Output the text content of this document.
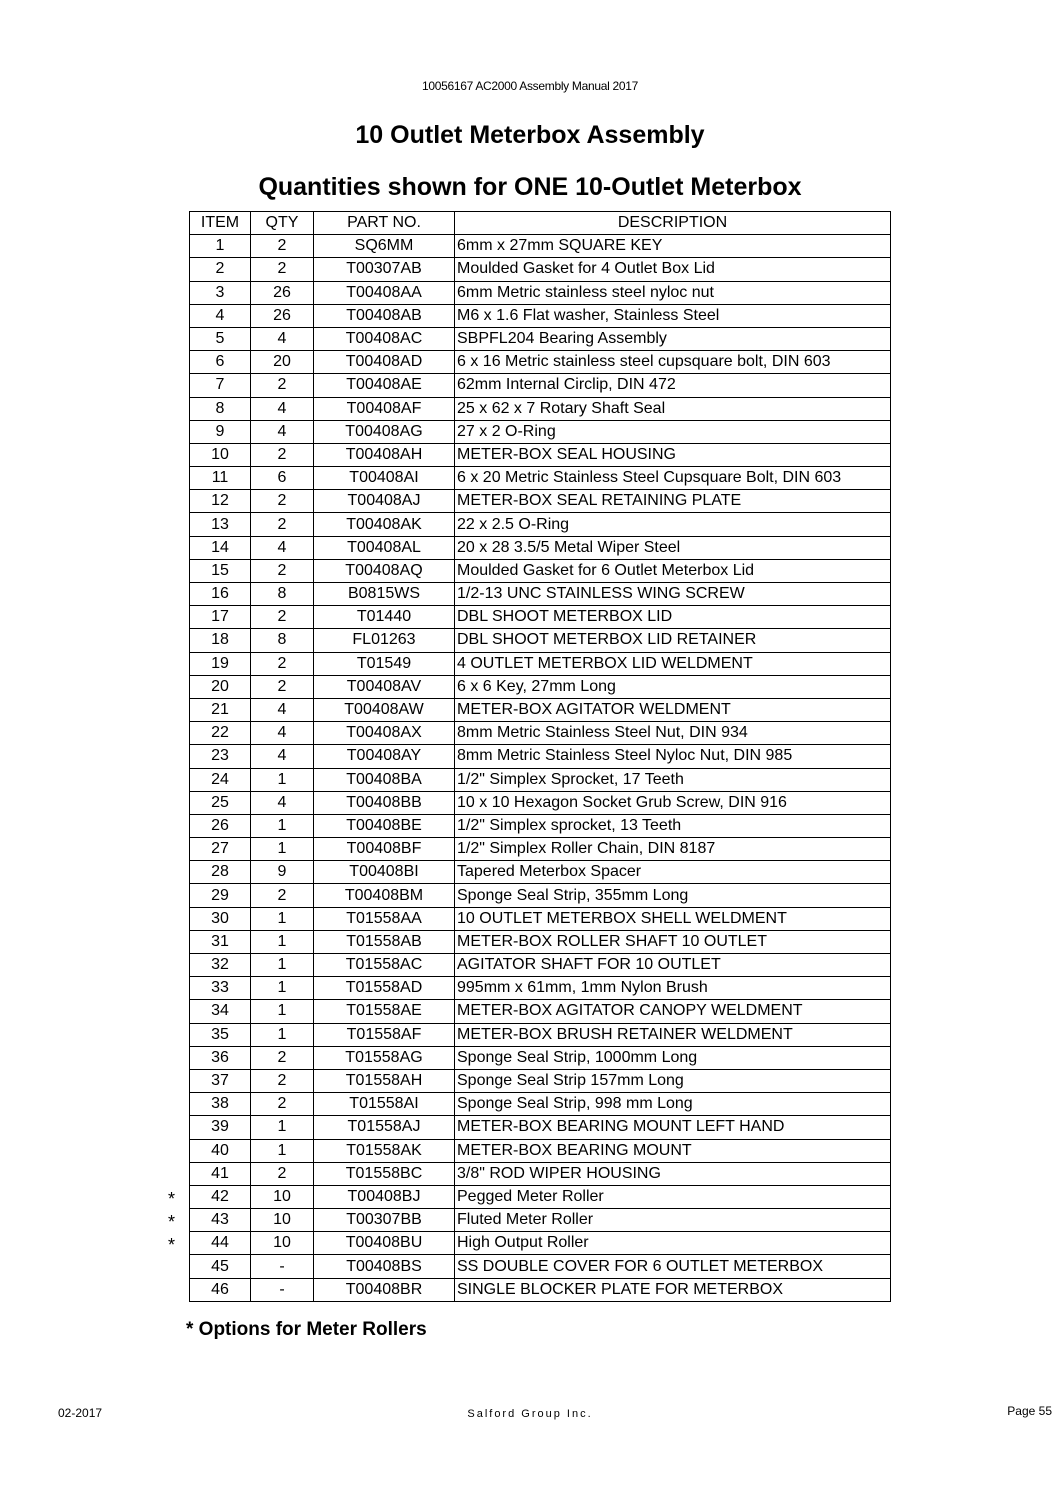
10056167 AC2000 Assembly Manual 2017
10 Outlet Meterbox Assembly
Quantities shown for ONE 10-Outlet Meterbox
ITEM	QTY	PART NO.	DESCRIPTION
1	2	SQ6MM	6mm x 27mm SQUARE KEY
2	2	T00307AB	Moulded Gasket for 4 Outlet Box Lid
3	26	T00408AA	6mm Metric stainless steel nyloc nut
4	26	T00408AB	M6 x 1.6 Flat washer, Stainless Steel
5	4	T00408AC	SBPFL204 Bearing Assembly
6	20	T00408AD	6 x 16 Metric stainless steel cupsquare bolt, DIN 603
7	2	T00408AE	62mm Internal Circlip, DIN 472
8	4	T00408AF	25 x 62 x 7 Rotary Shaft Seal
9	4	T00408AG	27 x 2 O-Ring
10	2	T00408AH	METER-BOX SEAL HOUSING
11	6	T00408AI	6 x 20 Metric Stainless Steel Cupsquare Bolt, DIN 603
12	2	T00408AJ	METER-BOX SEAL RETAINING PLATE
13	2	T00408AK	22 x 2.5 O-Ring
14	4	T00408AL	20 x 28 3.5/5 Metal Wiper Steel
15	2	T00408AQ	Moulded Gasket for 6 Outlet Meterbox Lid
16	8	B0815WS	1/2-13 UNC STAINLESS WING SCREW
17	2	T01440	DBL SHOOT METERBOX LID
18	8	FL01263	DBL SHOOT METERBOX LID RETAINER
19	2	T01549	4 OUTLET METERBOX LID WELDMENT
20	2	T00408AV	6 x 6 Key, 27mm Long
21	4	T00408AW	METER-BOX AGITATOR WELDMENT
22	4	T00408AX	8mm Metric Stainless Steel Nut, DIN 934
23	4	T00408AY	8mm Metric Stainless Steel Nyloc Nut, DIN 985
24	1	T00408BA	1/2" Simplex Sprocket, 17 Teeth
25	4	T00408BB	10 x 10 Hexagon Socket Grub Screw, DIN 916
26	1	T00408BE	1/2" Simplex sprocket, 13 Teeth
27	1	T00408BF	1/2" Simplex Roller Chain, DIN 8187
28	9	T00408BI	Tapered Meterbox Spacer
29	2	T00408BM	Sponge Seal Strip, 355mm Long
30	1	T01558AA	10 OUTLET METERBOX SHELL WELDMENT
31	1	T01558AB	METER-BOX ROLLER SHAFT 10 OUTLET
32	1	T01558AC	AGITATOR SHAFT FOR 10 OUTLET
33	1	T01558AD	995mm x 61mm, 1mm Nylon Brush
34	1	T01558AE	METER-BOX AGITATOR CANOPY WELDMENT
35	1	T01558AF	METER-BOX BRUSH RETAINER WELDMENT
36	2	T01558AG	Sponge Seal Strip, 1000mm Long
37	2	T01558AH	Sponge Seal Strip 157mm Long
38	2	T01558AI	Sponge Seal Strip, 998 mm Long
39	1	T01558AJ	METER-BOX BEARING MOUNT LEFT HAND
40	1	T01558AK	METER-BOX BEARING MOUNT
41	2	T01558BC	3/8" ROD WIPER HOUSING

* 42	10	T00408BJ	Pegged Meter Roller

* 43	10	T00307BB	Fluted Meter Roller

* 44	10	T00408BU	High Output Roller
45	-	T00408BS	SS DOUBLE COVER FOR 6 OUTLET METERBOX
46	-	T00408BR	SINGLE BLOCKER PLATE FOR METERBOX
* Options for Meter Rollers
02-2017	Salford Group Inc.	Page 55
